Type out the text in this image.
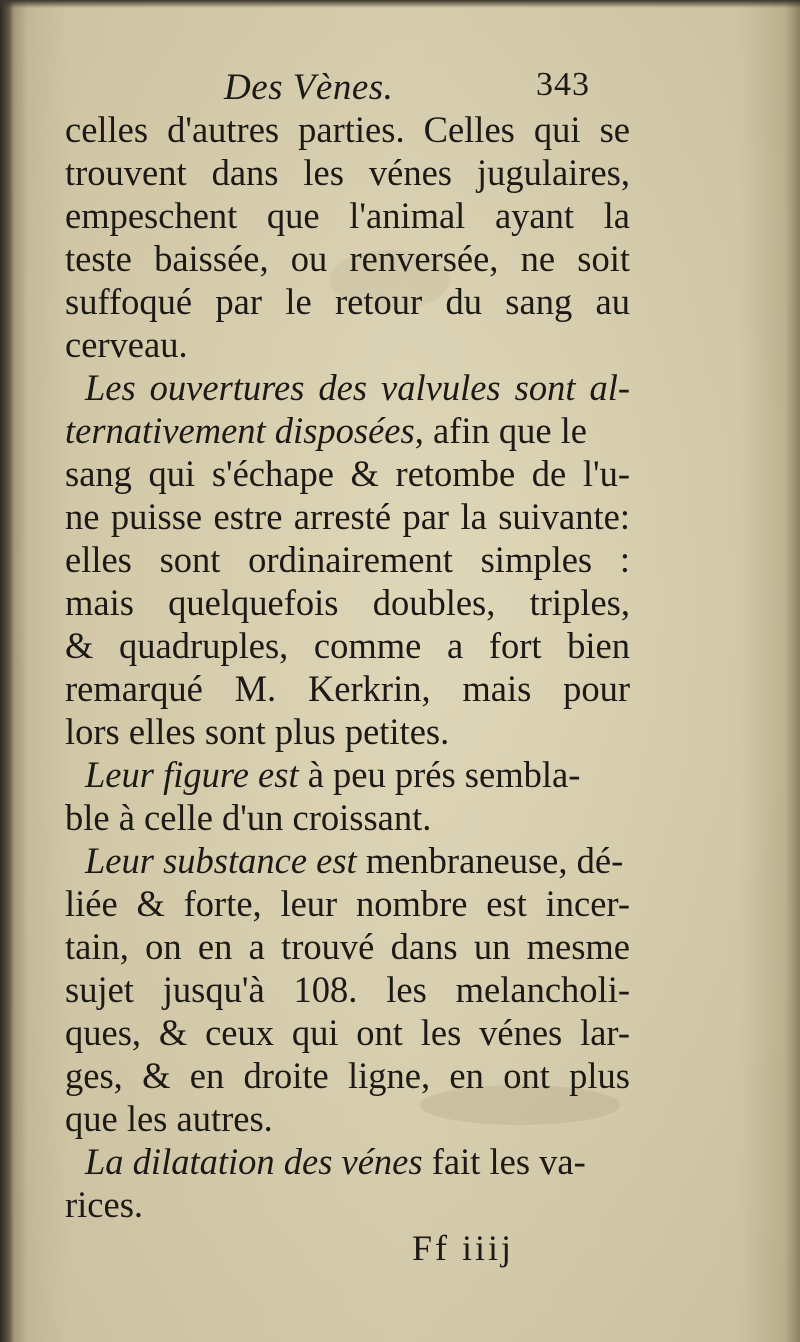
Des Vènes.	343
celles d'autres parties. Celles qui se
trouvent dans les vénes jugulaires,
empeschent que l'animal ayant la
teste baissée, ou renversée, ne soit
suffoqué par le retour du sang au
cerveau.
Les ouvertures des valvules sont al-
ternativement disposées, afin que le
sang qui s'échape & retombe de l'u-
ne puisse estre arresté par la suivante:
elles sont ordinairement simples :
mais quelquefois doubles, triples,
& quadruples, comme a fort bien
remarqué M. Kerkrin, mais pour
lors elles sont plus petites.
Leur figure est à peu prés sembla-
ble à celle d'un croissant.
Leur substance est menbraneuse, dé-
liée & forte, leur nombre est incer-
tain, on en a trouvé dans un mesme
sujet jusqu'à 108. les melancholi-
ques, & ceux qui ont les vénes lar-
ges, & en droite ligne, en ont plus
que les autres.
La dilatation des vénes fait les va-
rices.
Ff iiij
